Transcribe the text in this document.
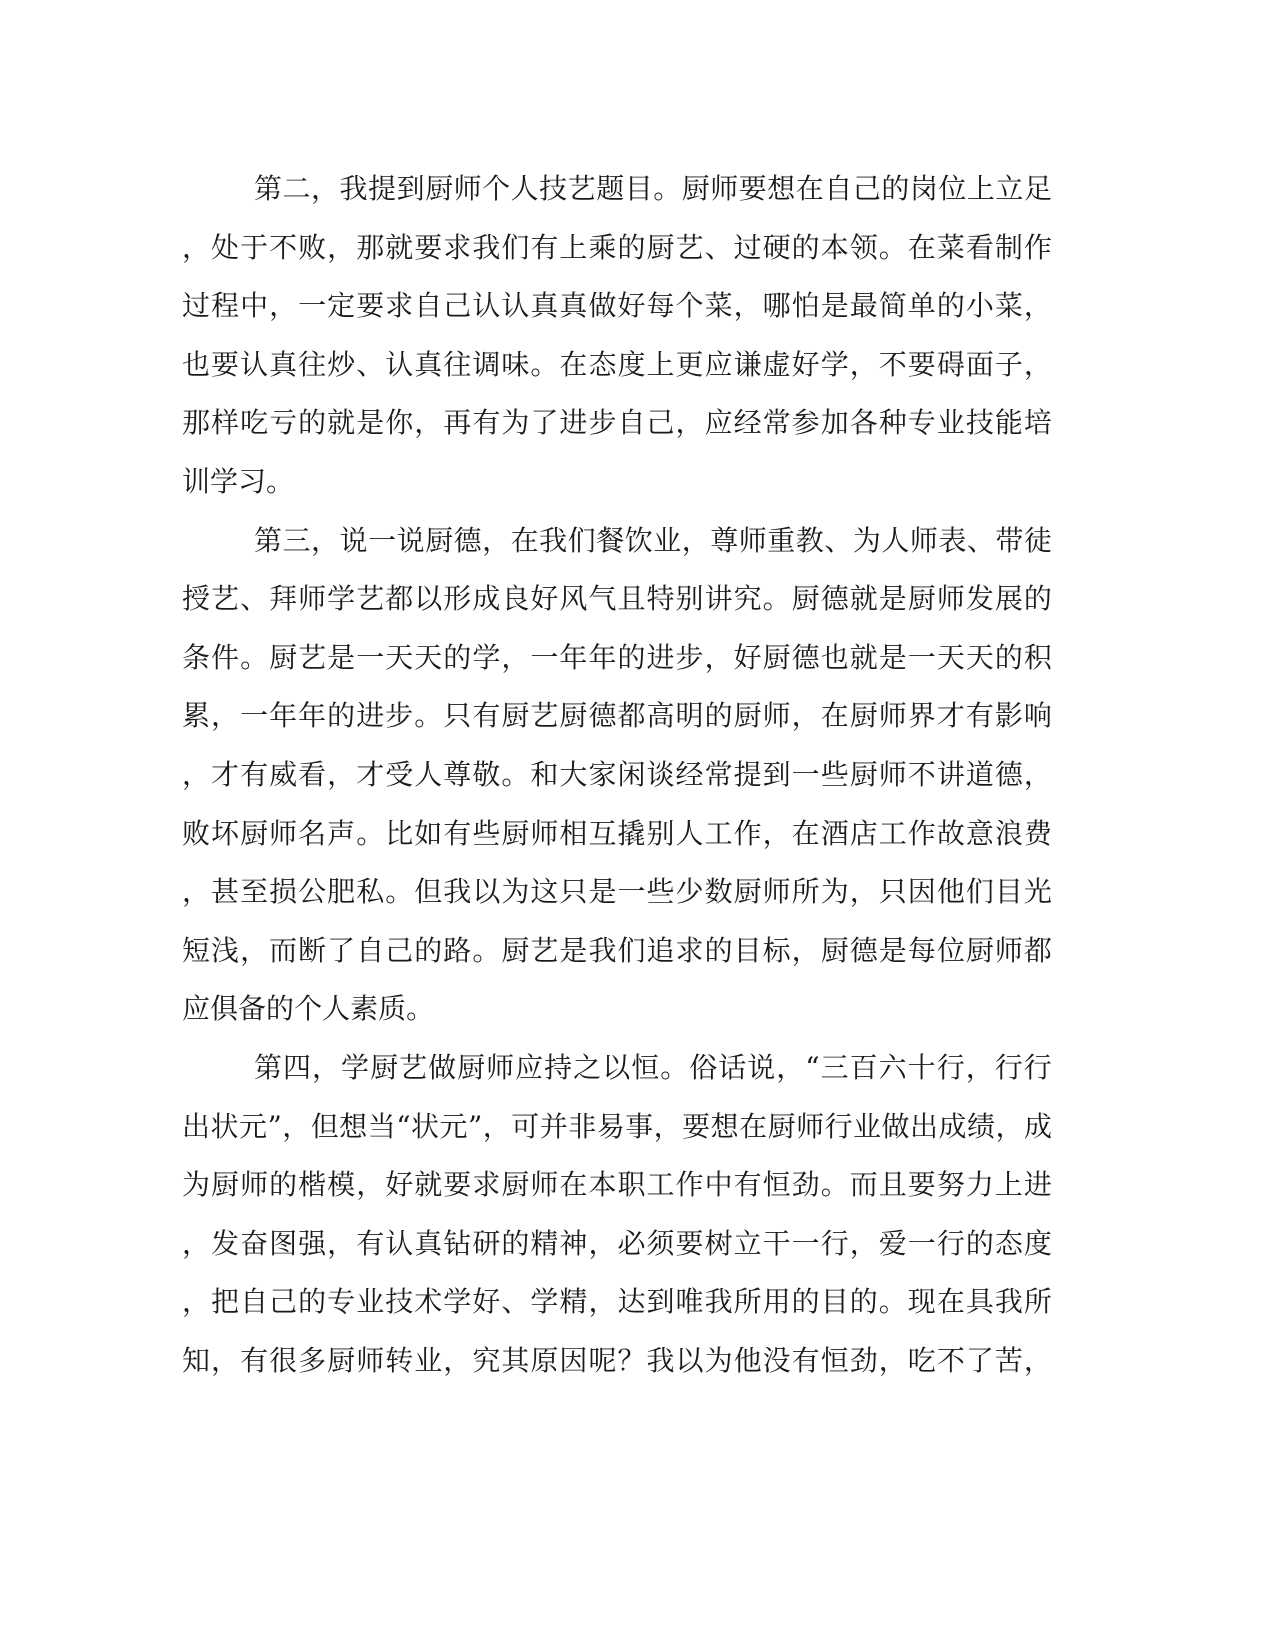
第 二 ， 我 提 到 厨 师 个 人 技 艺 题 目 。 厨 师 要 想 在 自 己 的 岗 位 上 立 足
， 处 于 不 败 ， 那 就 要 求 我 们 有 上 乘 的 厨 艺 、 过 硬 的 本 领 。 在 菜 看 制 作
过 程 中 ， 一 定 要 求 自 己 认 认 真 真 做 好 每 个 菜 ， 哪 怕 是 最 简 单 的 小 菜 ，
也 要 认 真 往 炒 、 认 真 往 调 味 。 在 态 度 上 更 应 谦 虚 好 学 ， 不 要 碍 面 子 ，
那 样 吃 亏 的 就 是 你 ， 再 有 为 了 进 步 自 己 ， 应 经 常 参 加 各 种 专 业 技 能 培
训 学 习 。
第 三 ， 说 一 说 厨 德 ， 在 我 们 餐 饮 业 ， 尊 师 重 教 、 为 人 师 表 、 带 徒
授 艺 、 拜 师 学 艺 都 以 形 成 良 好 风 气 且 特 别 讲 究 。 厨 德 就 是 厨 师 发 展 的
条 件 。 厨 艺 是 一 天 天 的 学 ， 一 年 年 的 进 步 ， 好 厨 德 也 就 是 一 天 天 的 积
累 ， 一 年 年 的 进 步 。 只 有 厨 艺 厨 德 都 高 明 的 厨 师 ， 在 厨 师 界 才 有 影 响
， 才 有 威 看 ， 才 受 人 尊 敬 。 和 大 家 闲 谈 经 常 提 到 一 些 厨 师 不 讲 道 德 ，
败 坏 厨 师 名 声 。 比 如 有 些 厨 师 相 互 撬 别 人 工 作 ， 在 酒 店 工 作 故 意 浪 费
， 甚 至 损 公 肥 私 。 但 我 以 为 这 只 是 一 些 少 数 厨 师 所 为 ， 只 因 他 们 目 光
短 浅 ， 而 断 了 自 己 的 路 。 厨 艺 是 我 们 追 求 的 目 标 ， 厨 德 是 每 位 厨 师 都
应 俱 备 的 个 人 素 质 。
第 四 ， 学 厨 艺 做 厨 师 应 持 之 以 恒 。 俗 话 说 ， “ 三 百 六 十 行 ， 行 行
出 状 元 ” ， 但 想 当 “ 状 元 ” ， 可 并 非 易 事 ， 要 想 在 厨 师 行 业 做 出 成 绩 ， 成
为 厨 师 的 楷 模 ， 好 就 要 求 厨 师 在 本 职 工 作 中 有 恒 劲 。 而 且 要 努 力 上 进
， 发 奋 图 强 ， 有 认 真 钻 研 的 精 神 ， 必 须 要 树 立 干 一 行 ， 爱 一 行 的 态 度
， 把 自 己 的 专 业 技 术 学 好 、 学 精 ， 达 到 唯 我 所 用 的 目 的 。 现 在 具 我 所
知 ， 有 很 多 厨 师 转 业 ， 究 其 原 因 呢 ？ 我 以 为 他 没 有 恒 劲 ， 吃 不 了 苦 ，
